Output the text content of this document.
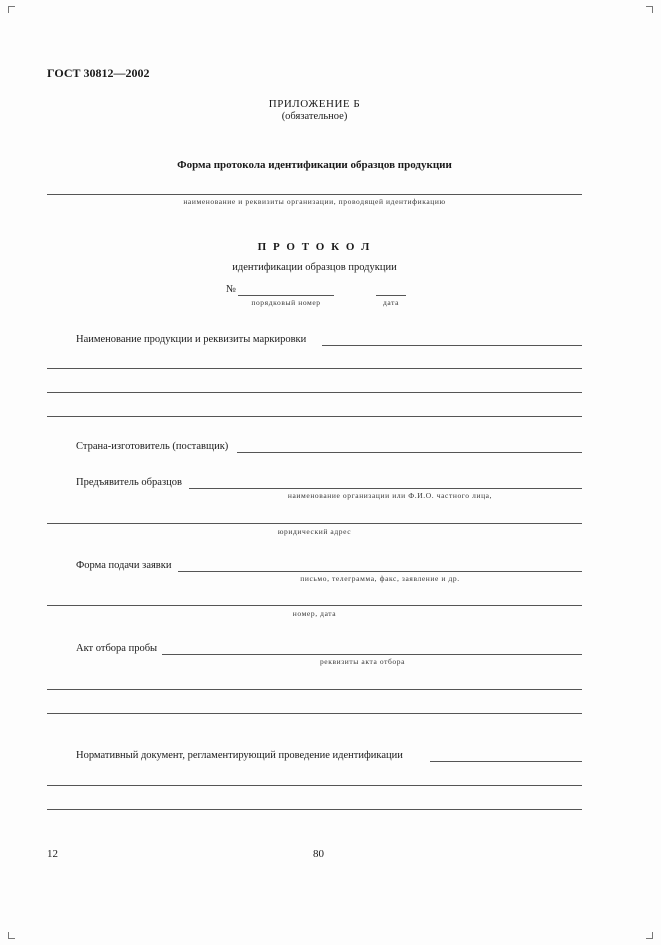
ГОСТ 30812—2002
ПРИЛОЖЕНИЕ Б
(обязательное)
Форма протокола идентификации образцов продукции
наименование и реквизиты организации, проводящей идентификацию
П Р О Т О К О Л
идентификации образцов продукции
№
порядковый номер	дата
Наименование продукции и реквизиты маркировки
Страна-изготовитель (поставщик)
Предъявитель образцов
наименование организации или Ф.И.О. частного лица,
юридический адрес
Форма подачи заявки
письмо, телеграмма, факс, заявление и др.
номер, дата
Акт отбора пробы
реквизиты акта отбора
Нормативный документ, регламентирующий проведение идентификации
12	80
